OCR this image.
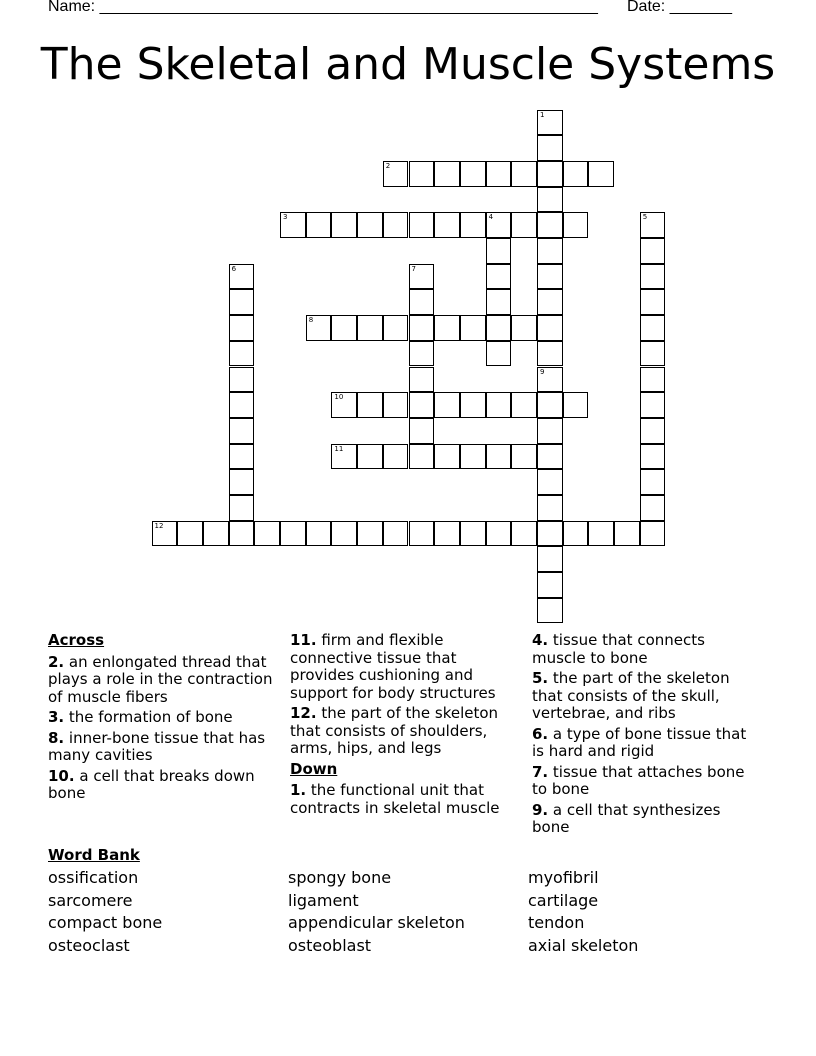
Name: ________________________________________________________ Date: _______
The Skeletal and Muscle Systems
1
9
2
3	4	5
6	7
8
10
11
12
Across
2. an enlongated thread that plays a role in the contraction of muscle fibers
3. the formation of bone
8. inner-bone tissue that has many cavities
10. a cell that breaks down bone
11. firm and flexible connective tissue that provides cushioning and support for body structures
12. the part of the skeleton that consists of shoulders, arms, hips, and legs
Down
1. the functional unit that contracts in skeletal muscle
4. tissue that connects muscle to bone
5. the part of the skeleton that consists of the skull, vertebrae, and ribs
6. a type of bone tissue that is hard and rigid
7. tissue that attaches bone to bone
9. a cell that synthesizes bone
Word Bank
ossification
sarcomere
compact bone
osteoclast
spongy bone
ligament
appendicular skeleton
osteoblast
myofibril
cartilage
tendon
axial skeleton
